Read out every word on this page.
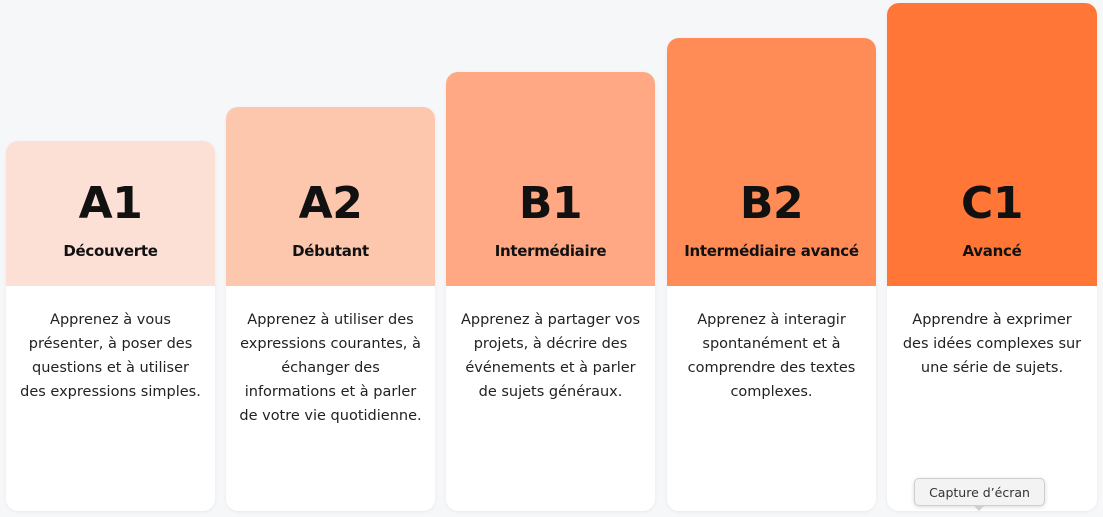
A1
Découverte

Apprenez à vous présenter, à poser des questions et à utiliser des expressions simples.

A2
Débutant

Apprenez à utiliser des expressions courantes, à échanger des informations et à parler de votre vie quotidienne.

B1
Intermédiaire

Apprenez à partager vos projets, à décrire des événements et à parler de sujets généraux.

B2
Intermédiaire avancé

Apprenez à interagir spontanément et à comprendre des textes complexes.

C1
Avancé

Apprendre à exprimer des idées complexes sur une série de sujets.

Capture d’écran
